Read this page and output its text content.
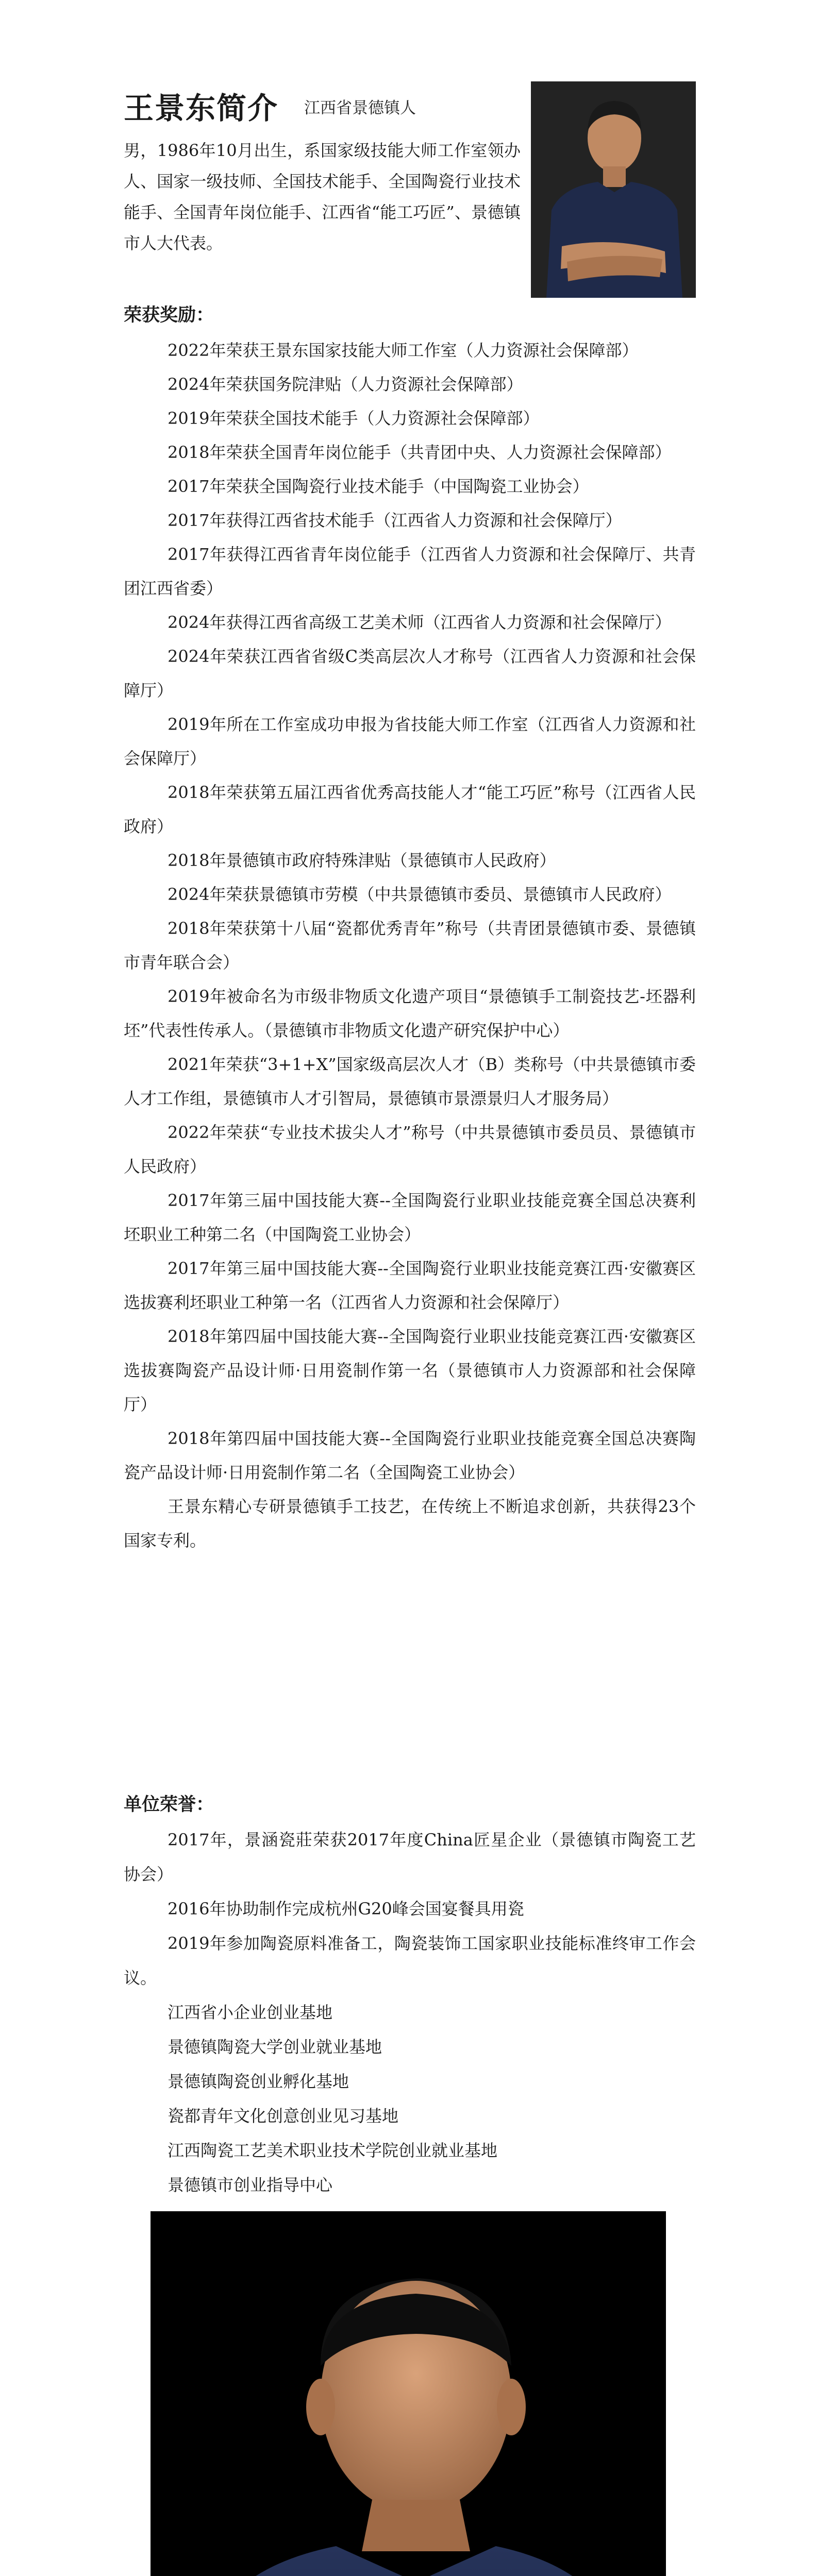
王景东简介 江西省景德镇人
男，1986年10月出生，系国家级技能大师工作室领办人、国家一级技师、全国技术能手、全国陶瓷行业技术能手、全国青年岗位能手、江西省“能工巧匠”、景德镇市人大代表。
荣获奖励：
2022年荣获王景东国家技能大师工作室（人力资源社会保障部）
2024年荣获国务院津贴（人力资源社会保障部）
2019年荣获全国技术能手（人力资源社会保障部）
2018年荣获全国青年岗位能手（共青团中央、人力资源社会保障部）
2017年荣获全国陶瓷行业技术能手（中国陶瓷工业协会）
2017年获得江西省技术能手（江西省人力资源和社会保障厅）
2017年获得江西省青年岗位能手（江西省人力资源和社会保障厅、共青团江西省委）
2024年获得江西省高级工艺美术师（江西省人力资源和社会保障厅）
2024年荣获江西省省级C类高层次人才称号（江西省人力资源和社会保障厅）
2019年所在工作室成功申报为省技能大师工作室（江西省人力资源和社会保障厅）
2018年荣获第五届江西省优秀高技能人才“能工巧匠”称号（江西省人民政府）
2018年景德镇市政府特殊津贴（景德镇市人民政府）
2024年荣获景德镇市劳模（中共景德镇市委员、景德镇市人民政府）
2018年荣获第十八届“瓷都优秀青年”称号（共青团景德镇市委、景德镇市青年联合会）
2019年被命名为市级非物质文化遗产项目“景德镇手工制瓷技艺-坯器利坯”代表性传承人。（景德镇市非物质文化遗产研究保护中心）
2021年荣获“3+1+X”国家级高层次人才（B）类称号（中共景德镇市委人才工作组，景德镇市人才引智局，景德镇市景漂景归人才服务局）
2022年荣获“专业技术拔尖人才”称号（中共景德镇市委员员、景德镇市人民政府）
2017年第三届中国技能大赛--全国陶瓷行业职业技能竞赛全国总决赛利坯职业工种第二名（中国陶瓷工业协会）
2017年第三届中国技能大赛--全国陶瓷行业职业技能竞赛江西·安徽赛区选拔赛利坯职业工种第一名（江西省人力资源和社会保障厅）
2018年第四届中国技能大赛--全国陶瓷行业职业技能竞赛江西·安徽赛区选拔赛陶瓷产品设计师·日用瓷制作第一名（景德镇市人力资源部和社会保障厅）
2018年第四届中国技能大赛--全国陶瓷行业职业技能竞赛全国总决赛陶瓷产品设计师·日用瓷制作第二名（全国陶瓷工业协会）
王景东精心专研景德镇手工技艺，在传统上不断追求创新，共获得23个国家专利。
单位荣誉：
2017年，景涵瓷莊荣获2017年度China匠星企业（景德镇市陶瓷工艺协会）
2016年协助制作完成杭州G20峰会国宴餐具用瓷
2019年参加陶瓷原料准备工，陶瓷装饰工国家职业技能标准终审工作会议。
江西省小企业创业基地
景德镇陶瓷大学创业就业基地
景德镇陶瓷创业孵化基地
瓷都青年文化创意创业见习基地
江西陶瓷工艺美术职业技术学院创业就业基地
景德镇市创业指导中心
